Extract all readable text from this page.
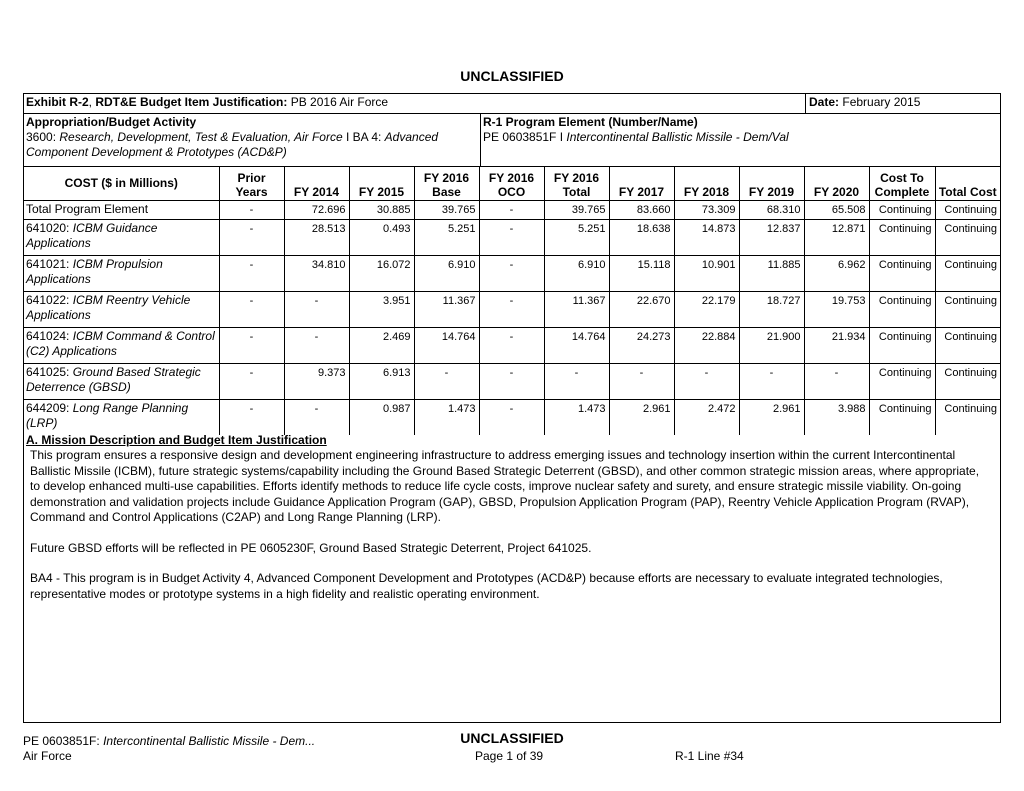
UNCLASSIFIED
Exhibit R-2, RDT&E Budget Item Justification: PB 2016 Air Force	Date: February 2015
Appropriation/Budget Activity
3600: Research, Development, Test & Evaluation, Air Force I BA 4: Advanced
Component Development & Prototypes (ACD&P)
R-1 Program Element (Number/Name)
PE 0603851F I Intercontinental Ballistic Missile - Dem/Val
COST ($ in Millions)	Prior Years	FY 2014	FY 2015	FY 2016 Base	FY 2016 OCO	FY 2016 Total	FY 2017	FY 2018	FY 2019	FY 2020	Cost To Complete	Total Cost
Total Program Element	-	72.696	30.885	39.765	-	39.765	83.660	73.309	68.310	65.508	Continuing	Continuing
641020: ICBM Guidance Applications	-	28.513	0.493	5.251	-	5.251	18.638	14.873	12.837	12.871	Continuing	Continuing
641021: ICBM Propulsion Applications	-	34.810	16.072	6.910	-	6.910	15.118	10.901	11.885	6.962	Continuing	Continuing
641022: ICBM Reentry Vehicle Applications	-	-	3.951	11.367	-	11.367	22.670	22.179	18.727	19.753	Continuing	Continuing
641024: ICBM Command & Control (C2) Applications	-	-	2.469	14.764	-	14.764	24.273	22.884	21.900	21.934	Continuing	Continuing
641025: Ground Based Strategic Deterrence (GBSD)	-	9.373	6.913	-	-	-	-	-	-	-	Continuing	Continuing
644209: Long Range Planning (LRP)	-	-	0.987	1.473	-	1.473	2.961	2.472	2.961	3.988	Continuing	Continuing
A. Mission Description and Budget Item Justification

This program ensures a responsive design and development engineering infrastructure to address emerging issues and technology insertion within the current Intercontinental Ballistic Missile (ICBM), future strategic systems/capability including the Ground Based Strategic Deterrent (GBSD), and other common strategic mission areas, where appropriate, to develop enhanced multi-use capabilities. Efforts identify methods to reduce life cycle costs, improve nuclear safety and surety, and ensure strategic missile viability. On-going demonstration and validation projects include Guidance Application Program (GAP), GBSD, Propulsion Application Program (PAP), Reentry Vehicle Application Program (RVAP), Command and Control Applications (C2AP) and Long Range Planning (LRP).

Future GBSD efforts will be reflected in PE 0605230F, Ground Based Strategic Deterrent, Project 641025.

BA4 - This program is in Budget Activity 4, Advanced Component Development and Prototypes (ACD&P) because efforts are necessary to evaluate integrated technologies, representative modes or prototype systems in a high fidelity and realistic operating environment.

PE 0603851F: Intercontinental Ballistic Missile - Dem...
Air Force
UNCLASSIFIED
Page 1 of 39	R-1 Line #34
